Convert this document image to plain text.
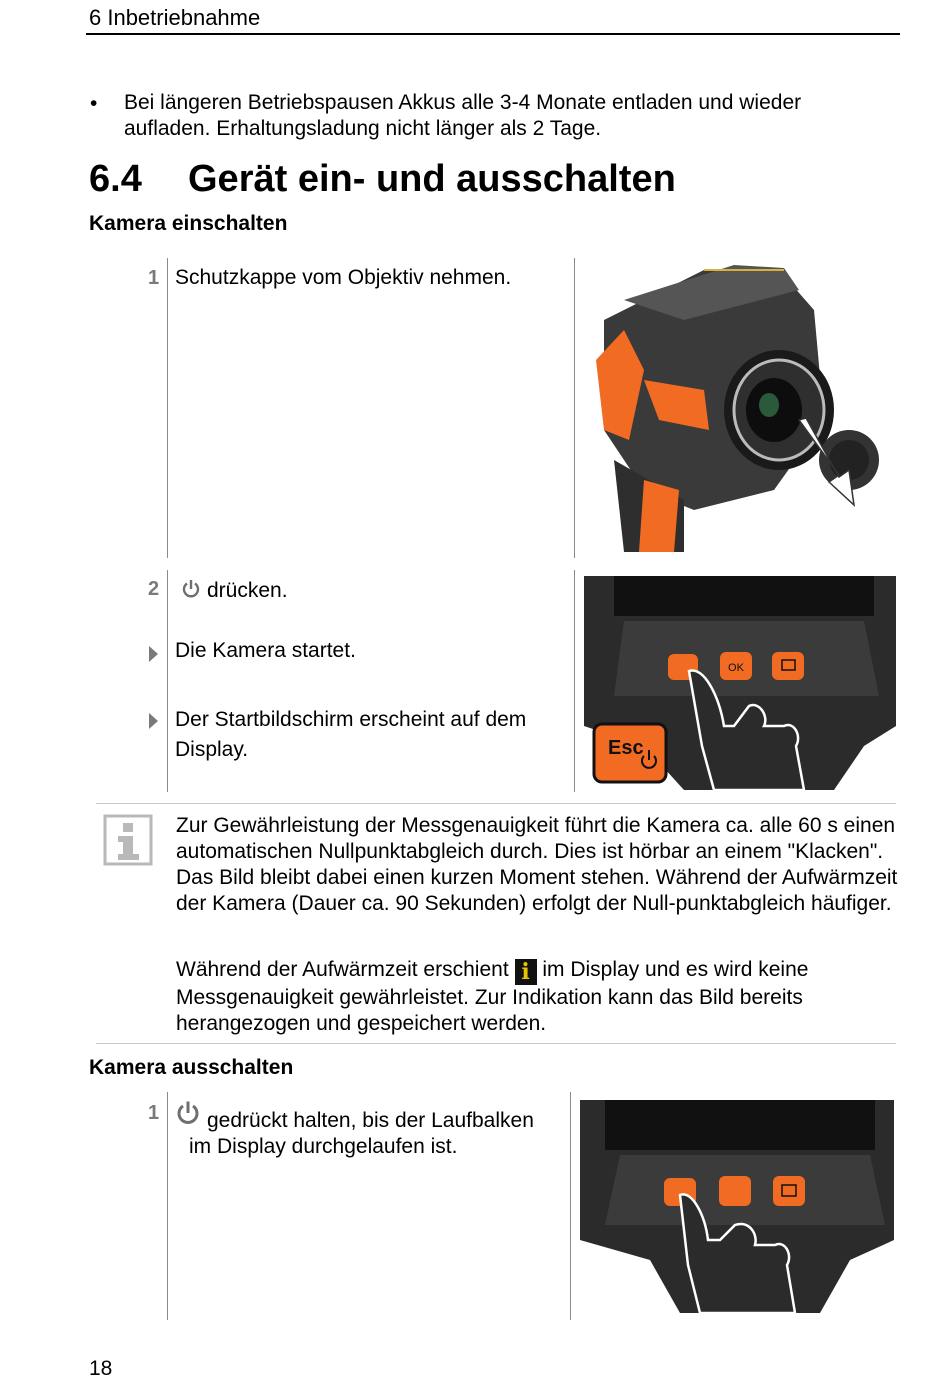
6 Inbetriebnahme
• Bei längeren Betriebspausen Akkus alle 3-4 Monate entladen und wieder aufladen. Erhaltungsladung nicht länger als 2 Tage.
6.4 Gerät ein- und ausschalten
Kamera einschalten
1 Schutzkappe vom Objektiv nehmen.
2 drücken.
Die Kamera startet.
Der Startbildschirm erscheint auf dem Display.
OK
Esc
Zur Gewährleistung der Messgenauigkeit führt die Kamera ca. alle 60 s einen automatischen Nullpunktabgleich durch. Dies ist hörbar an einem "Klacken". Das Bild bleibt dabei einen kurzen Moment stehen. Während der Aufwärmzeit der Kamera (Dauer ca. 90 Sekunden) erfolgt der Null-punktabgleich häufiger.
Während der Aufwärmzeit erschient i im Display und es wird keine Messgenauigkeit gewährleistet. Zur Indikation kann das Bild bereits herangezogen und gespeichert werden.
Kamera ausschalten
1 gedrückt halten, bis der Laufbalken
im Display durchgelaufen ist.
18
